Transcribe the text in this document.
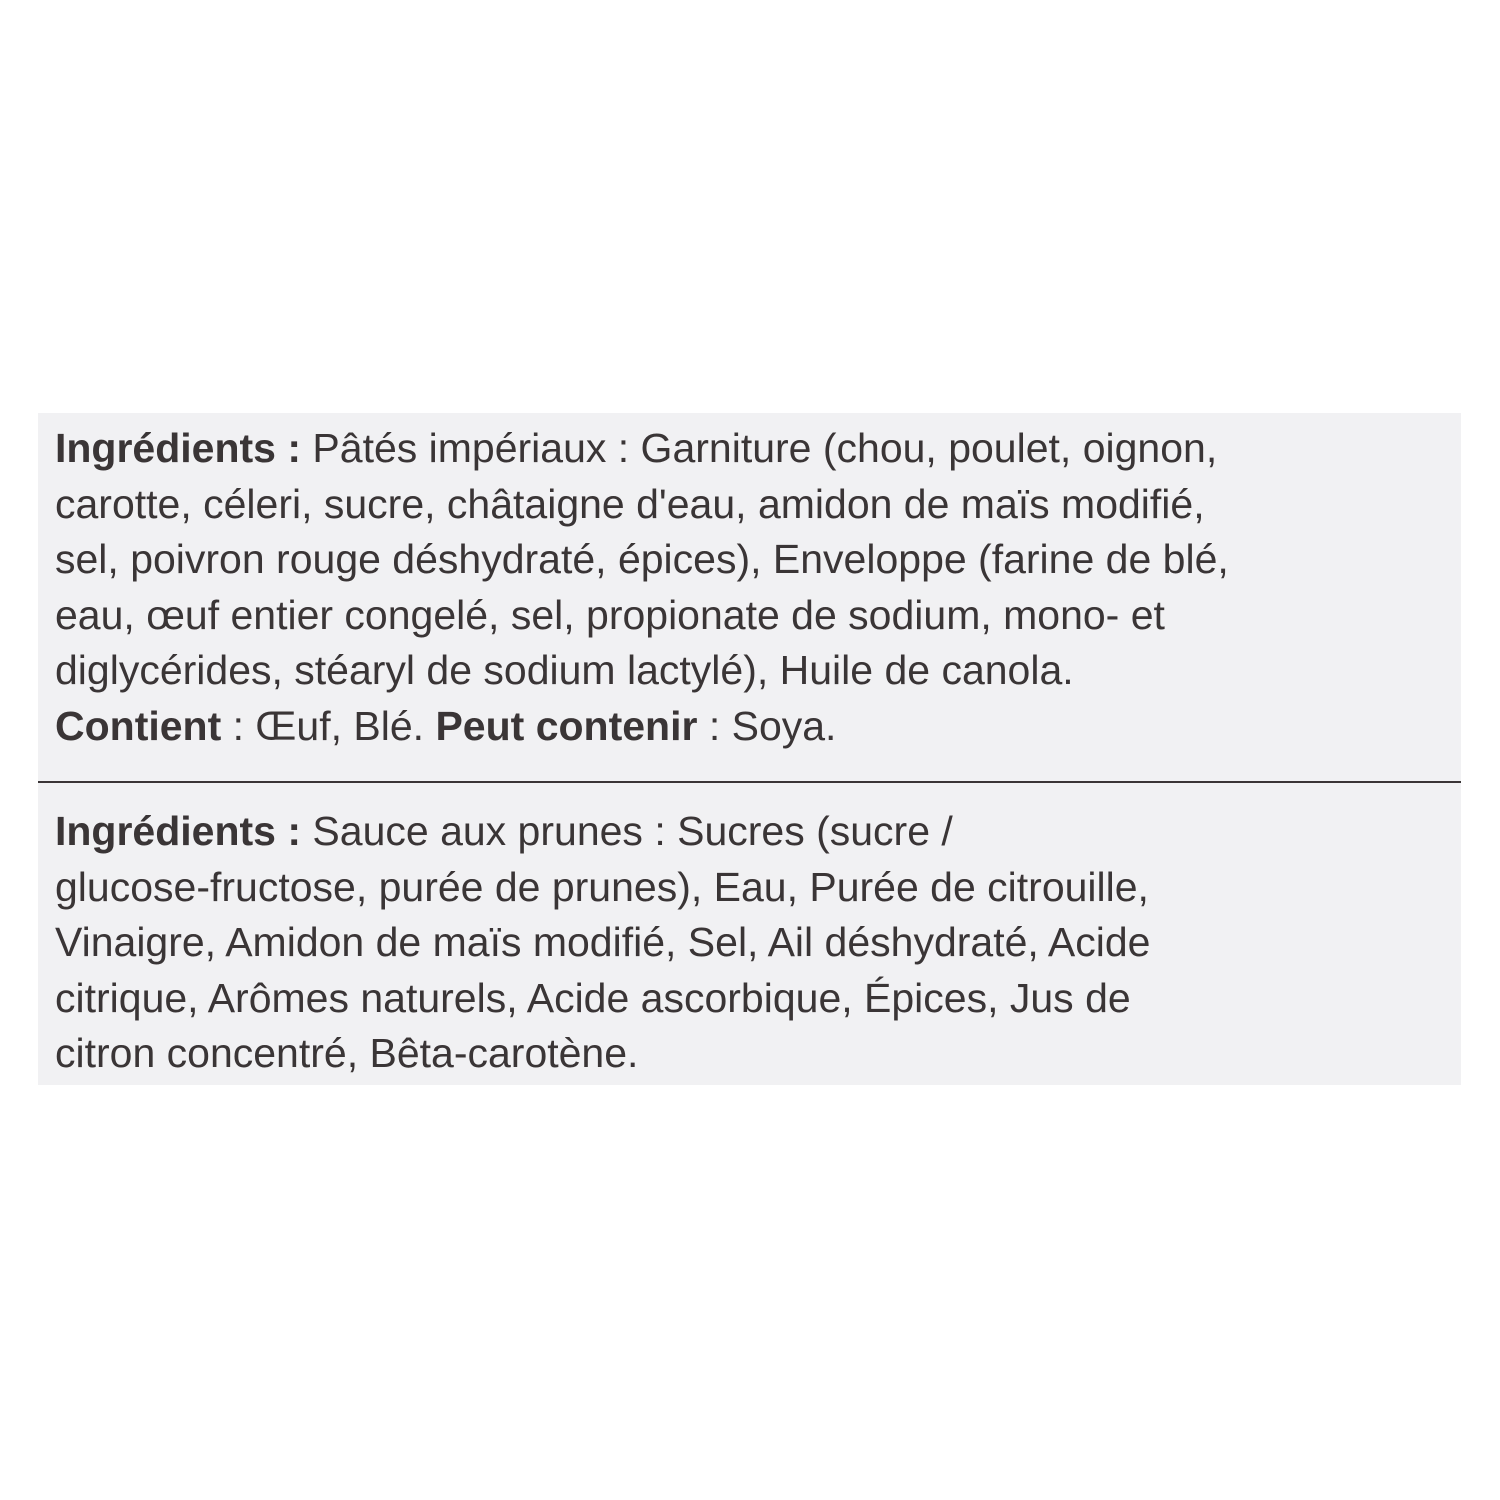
Ingrédients : Pâtés impériaux : Garniture (chou, poulet, oignon,
carotte, céleri, sucre, châtaigne d'eau, amidon de maïs modifié,
sel, poivron rouge déshydraté, épices), Enveloppe (farine de blé,
eau, œuf entier congelé, sel, propionate de sodium, mono- et
diglycérides, stéaryl de sodium lactylé), Huile de canola.
Contient : Œuf, Blé. Peut contenir : Soya.
Ingrédients : Sauce aux prunes : Sucres (sucre /
glucose-fructose, purée de prunes), Eau, Purée de citrouille,
Vinaigre, Amidon de maïs modifié, Sel, Ail déshydraté, Acide
citrique, Arômes naturels, Acide ascorbique, Épices, Jus de
citron concentré, Bêta-carotène.
